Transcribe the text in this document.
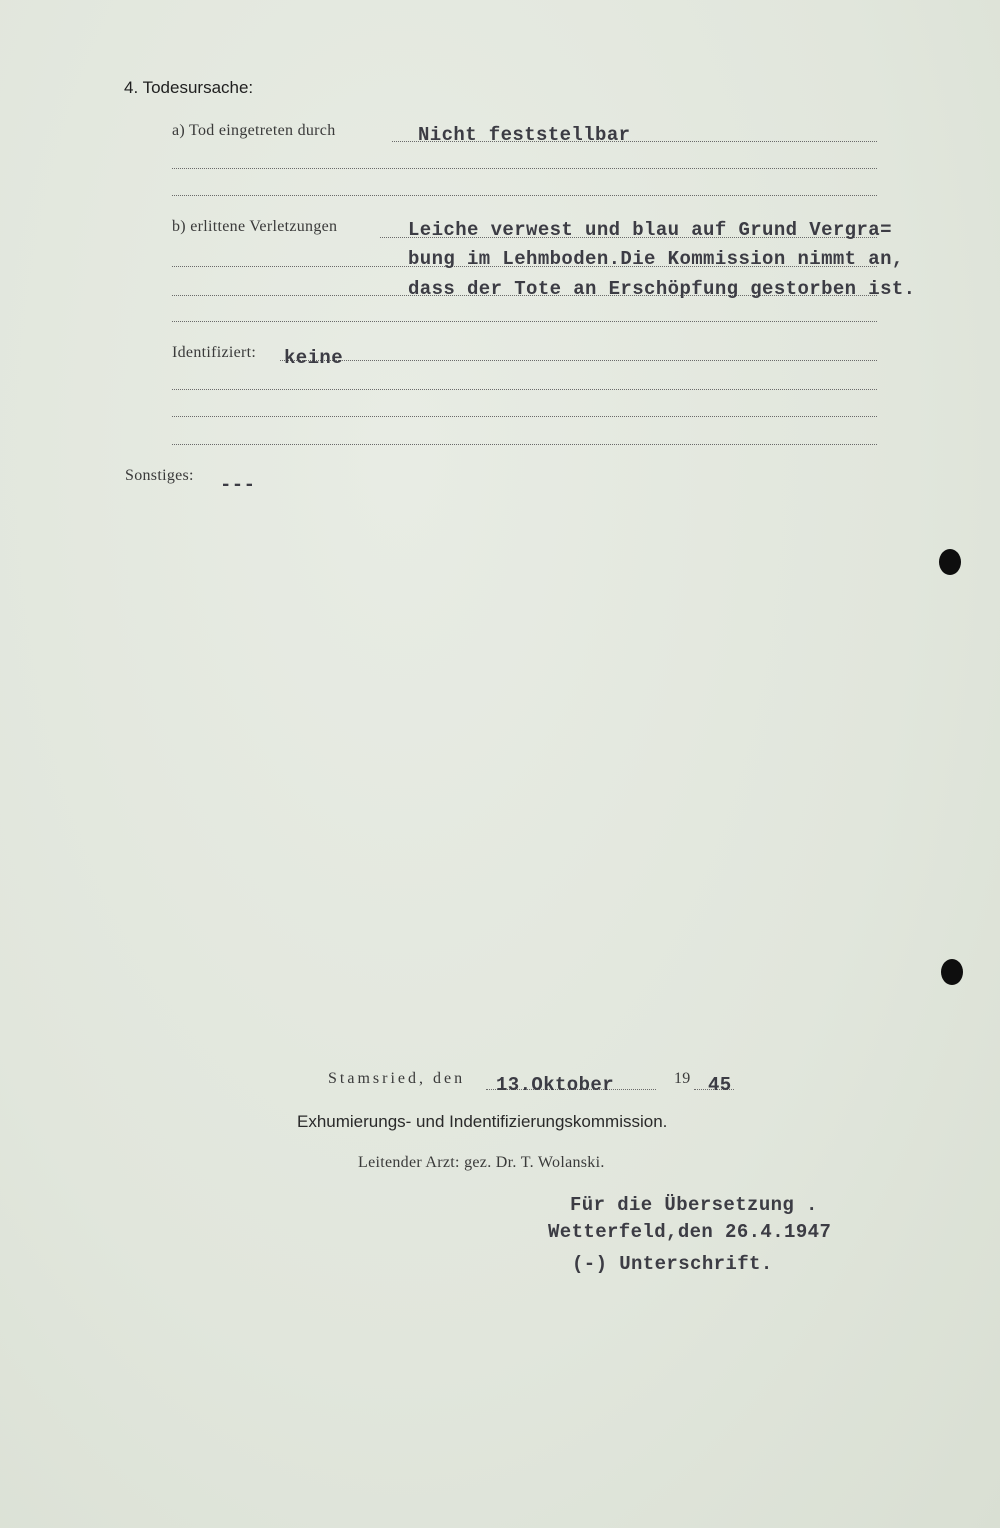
4. Todesursache:
a) Tod eingetreten durch	Nicht feststellbar
b) erlittene Verletzungen	Leiche verwest und blau auf Grund Vergra=
bung im Lehmboden.Die Kommission nimmt an,
dass der Tote an Erschöpfung gestorben ist.
Identifiziert: keine
Sonstiges: ---
Stamsried, den 13.Oktober	19 45
Exhumierungs- und Indentifizierungskommission.
Leitender Arzt: gez. Dr. T. Wolanski.
Für die Übersetzung .
Wetterfeld,den 26.4.1947
(-) Unterschrift.
